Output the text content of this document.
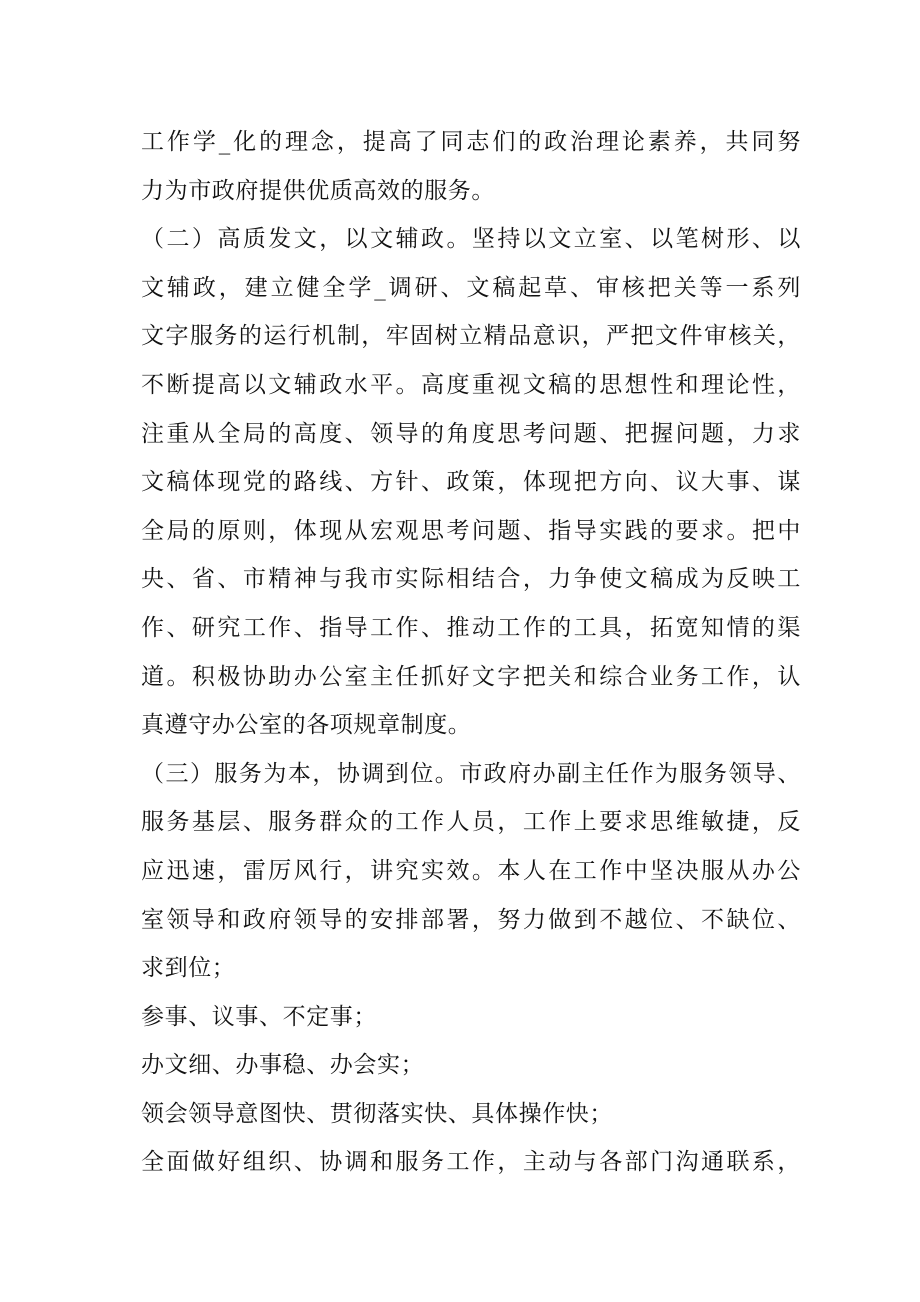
工作学_化的理念，提高了同志们的政治理论素养，共同努
力为市政府提供优质高效的服务。
（二）高质发文，以文辅政。坚持以文立室、以笔树形、以
文辅政，建立健全学_调研、文稿起草、审核把关等一系列
文字服务的运行机制，牢固树立精品意识，严把文件审核关，
不断提高以文辅政水平。高度重视文稿的思想性和理论性，
注重从全局的高度、领导的角度思考问题、把握问题，力求
文稿体现党的路线、方针、政策，体现把方向、议大事、谋
全局的原则，体现从宏观思考问题、指导实践的要求。把中
央、省、市精神与我市实际相结合，力争使文稿成为反映工
作、研究工作、指导工作、推动工作的工具，拓宽知情的渠
道。积极协助办公室主任抓好文字把关和综合业务工作，认
真遵守办公室的各项规章制度。
（三）服务为本，协调到位。市政府办副主任作为服务领导、
服务基层、服务群众的工作人员，工作上要求思维敏捷，反
应迅速，雷厉风行，讲究实效。本人在工作中坚决服从办公
室领导和政府领导的安排部署，努力做到不越位、不缺位、
求到位；
参事、议事、不定事；
办文细、办事稳、办会实；
领会领导意图快、贯彻落实快、具体操作快；
全面做好组织、协调和服务工作，主动与各部门沟通联系，
